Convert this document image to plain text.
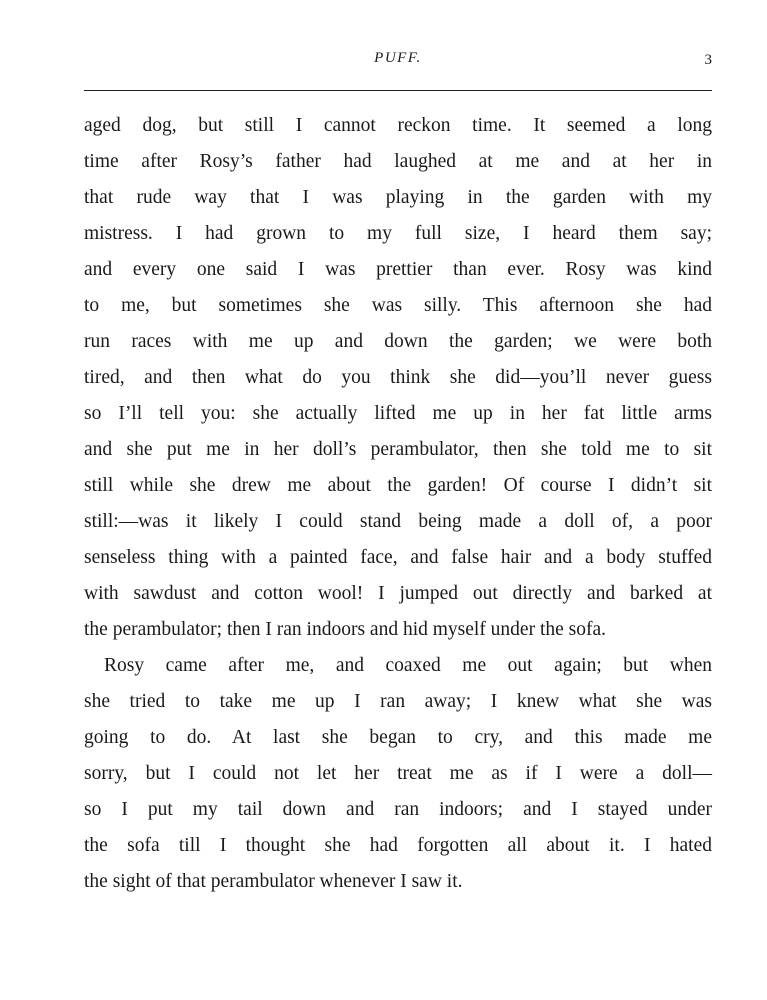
PUFF.	3
aged dog, but still I cannot reckon time. It seemed a long
time after Rosy’s father had laughed at me and at her in
that rude way that I was playing in the garden with my
mistress. I had grown to my full size, I heard them say;
and every one said I was prettier than ever. Rosy was kind
to me, but sometimes she was silly. This afternoon she had
run races with me up and down the garden; we were both
tired, and then what do you think she did—you’ll never guess
so I’ll tell you: she actually lifted me up in her fat little arms
and she put me in her doll’s perambulator, then she told me to sit
still while she drew me about the garden! Of course I didn’t sit
still:—was it likely I could stand being made a doll of, a poor
senseless thing with a painted face, and false hair and a body stuffed
with sawdust and cotton wool! I jumped out directly and barked at
the perambulator; then I ran indoors and hid myself under the sofa.
Rosy came after me, and coaxed me out again; but when
she tried to take me up I ran away; I knew what she was
going to do. At last she began to cry, and this made me
sorry, but I could not let her treat me as if I were a doll—
so I put my tail down and ran indoors; and I stayed under
the sofa till I thought she had forgotten all about it. I hated
the sight of that perambulator whenever I saw it.
